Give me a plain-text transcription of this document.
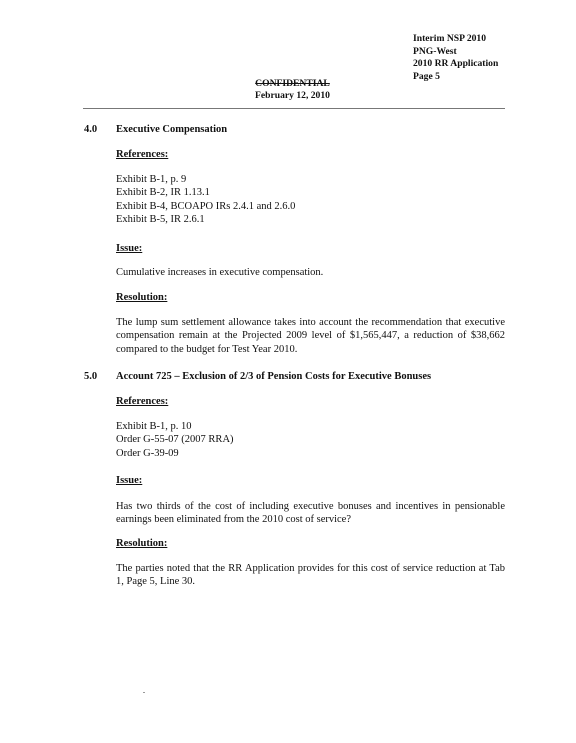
Interim NSP 2010
PNG-West
2010 RR Application
Page 5
CONFIDENTIAL
February 12, 2010
4.0 Executive Compensation
References:
Exhibit B-1, p. 9
Exhibit B-2, IR 1.13.1
Exhibit B-4, BCOAPO IRs 2.4.1 and 2.6.0
Exhibit B-5, IR 2.6.1
Issue:
Cumulative increases in executive compensation.
Resolution:
The lump sum settlement allowance takes into account the recommendation that executive compensation remain at the Projected 2009 level of $1,565,447, a reduction of $38,662 compared to the budget for Test Year 2010.
5.0 Account 725 – Exclusion of 2/3 of Pension Costs for Executive Bonuses
References:
Exhibit B-1, p. 10
Order G-55-07 (2007 RRA)
Order G-39-09
Issue:
Has two thirds of the cost of including executive bonuses and incentives in pensionable earnings been eliminated from the 2010 cost of service?
Resolution:
The parties noted that the RR Application provides for this cost of service reduction at Tab 1, Page 5, Line 30.
